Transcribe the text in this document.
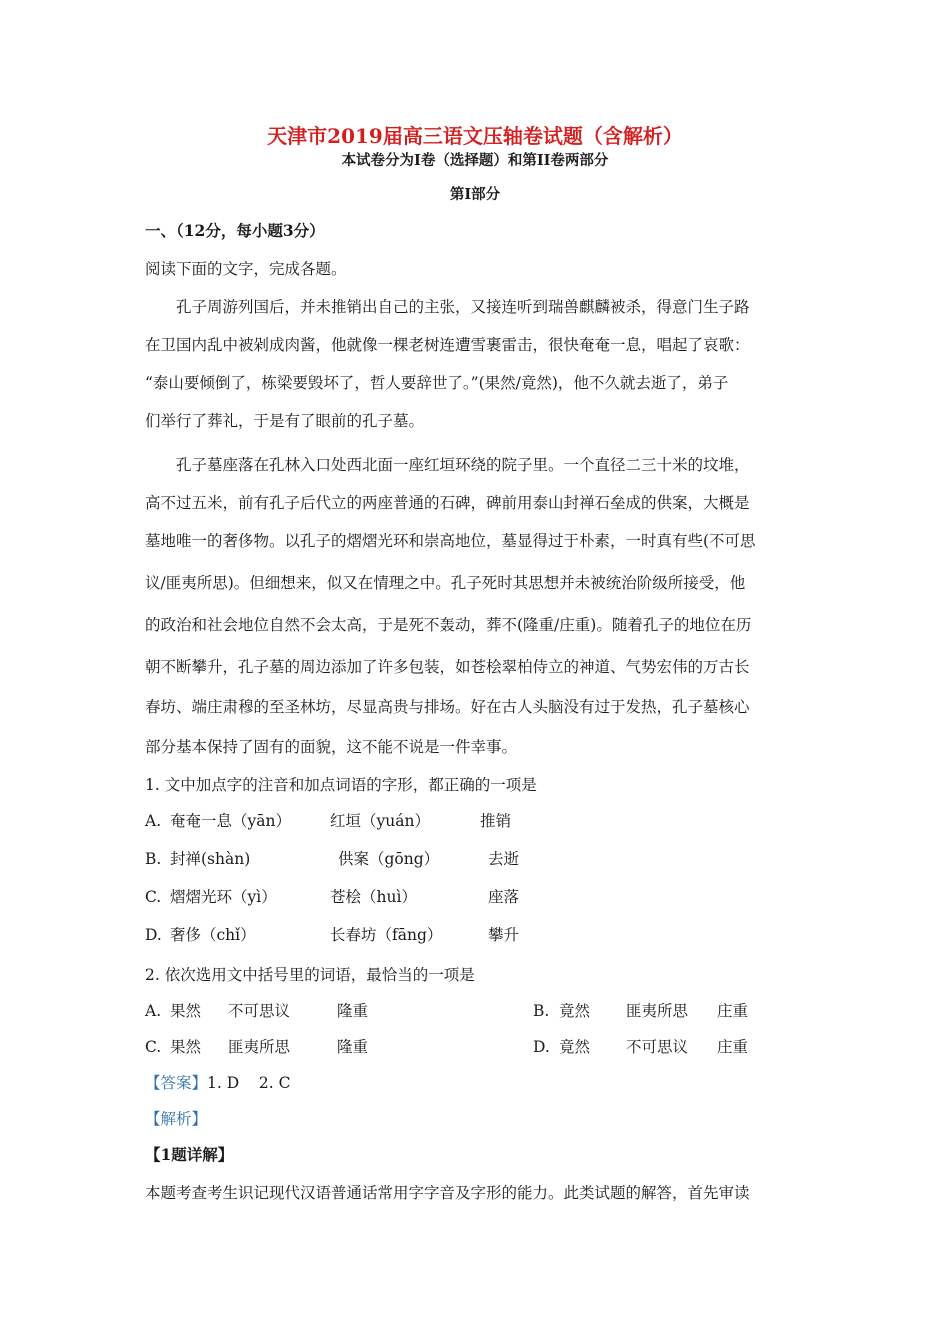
天津市2019届高三语文压轴卷试题（含解析）
本试卷分为I卷（选择题）和第II卷两部分
第I部分
一、（12分，每小题3分）
阅读下面的文字，完成各题。
孔子周游列国后，并未推销出自己的主张，又接连听到瑞兽麒麟被杀，得意门生子路
在卫国内乱中被剁成肉酱，他就像一棵老树连遭雪裹雷击，很快奄奄一息，唱起了哀歌：
“泰山要倾倒了，栋梁要毁坏了，哲人要辞世了。”(果然/竟然)，他不久就去逝了，弟子
们举行了葬礼，于是有了眼前的孔子墓。
孔子墓座落在孔林入口处西北面一座红垣环绕的院子里。一个直径二三十米的坟堆，
高不过五米，前有孔子后代立的两座普通的石碑，碑前用泰山封禅石垒成的供案，大概是
墓地唯一的奢侈物。以孔子的熠熠光环和崇高地位，墓显得过于朴素，一时真有些(不可思
议/匪夷所思)。但细想来，似又在情理之中。孔子死时其思想并未被统治阶级所接受，他
的政治和社会地位自然不会太高，于是死不轰动，葬不(隆重/庄重)。随着孔子的地位在历
朝不断攀升，孔子墓的周边添加了许多包装，如苍桧翠柏侍立的神道、气势宏伟的万古长
春坊、端庄肃穆的至圣林坊，尽显高贵与排场。好在古人头脑没有过于发热，孔子墓核心
部分基本保持了固有的面貌，这不能不说是一件幸事。
1. 文中加点字的注音和加点词语的字形，都正确的一项是
A. 奄奄一息（yān）	红垣（yuán）	推销
B. 封禅(shàn)	供案（gōng）	去逝
C. 熠熠光环（yì）	苍桧（huì）	座落
D. 奢侈（chǐ）	长春坊（fāng）	攀升
2. 依次选用文中括号里的词语，最恰当的一项是
A. 果然 不可思议	隆重	B. 竟然 匪夷所思 庄重
C. 果然 匪夷所思	隆重	D. 竟然 不可思议 庄重
【答案】1. D    2. C
【解析】
【1题详解】
本题考查考生识记现代汉语普通话常用字字音及字形的能力。此类试题的解答，首先审读
